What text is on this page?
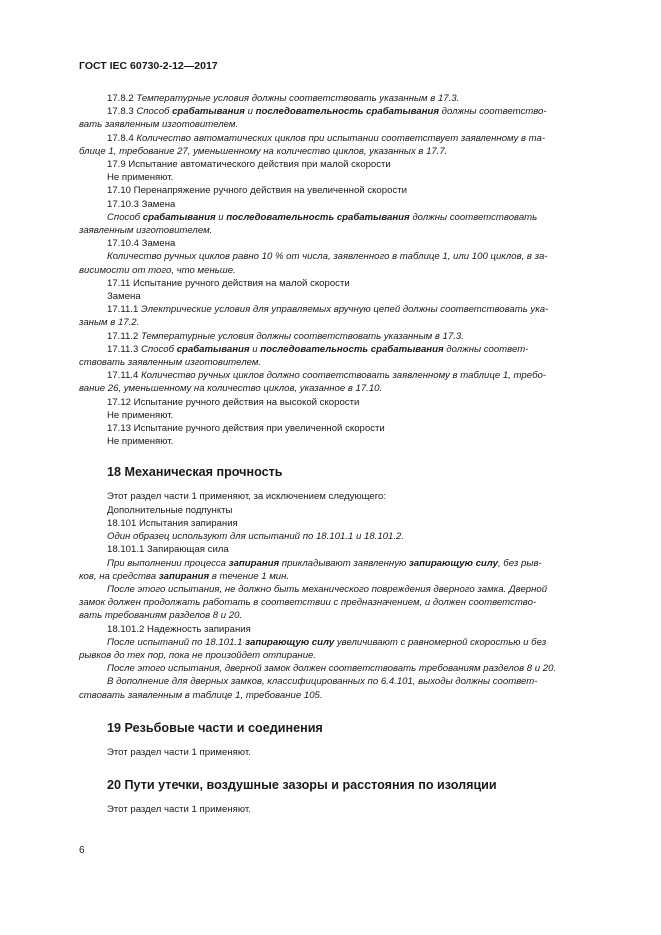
ГОСТ IEC 60730-2-12—2017

17.8.2 Температурные условия должны соответствовать указанным в 17.3.

17.8.3 Способ срабатывания и последовательность срабатывания должны соответство-

вать заявленным изготовителем.

17.8.4 Количество автоматических циклов при испытании соответствует заявленному в та-

блице 1, требование 27, уменьшенному на количество циклов, указанных в 17.7.

17.9 Испытание автоматического действия при малой скорости

Не применяют.

17.10 Перенапряжение ручного действия на увеличенной скорости

17.10.3 Замена

Способ срабатывания и последовательность срабатывания должны соответствовать

заявленным изготовителем.

17.10.4 Замена

Количество ручных циклов равно 10 % от числа, заявленного в таблице 1, или 100 циклов, в за-

висимости от того, что меньше.

17.11 Испытание ручного действия на малой скорости

Замена

17.11.1 Электрические условия для управляемых вручную цепей должны соответствовать ука-

заным в 17.2.

17.11.2 Температурные условия должны соответствовать указанным в 17.3.

17.11.3 Способ срабатывания и последовательность срабатывания должны соответ-

ствовать заявленным изготовителем.

17.11.4 Количество ручных циклов должно соответствовать заявленному в таблице 1, требо-

вание 26, уменьшенному на количество циклов, указанное в 17.10.

17.12 Испытание ручного действия на высокой скорости

Не применяют.

17.13 Испытание ручного действия при увеличенной скорости

Не применяют.

18 Механическая прочность

Этот раздел части 1 применяют, за исключением следующего:

Дополнительные подпункты

18.101 Испытания запирания

Один образец используют для испытаний по 18.101.1 и 18.101.2.

18.101.1 Запирающая сила

При выполнении процесса запирания прикладывают заявленную запирающую силу, без рыв-

ков, на средства запирания в течение 1 мин.

После этого испытания, не должно быть механического повреждения дверного замка. Дверной

замок должен продолжать работать в соответствии с предназначением, и должен соответство-

вать требованиям разделов 8 и 20.

18.101.2 Надежность запирания

После испытаний по 18.101.1 запирающую силу увеличивают с равномерной скоростью и без

рывков до тех пор, пока не произойдет отпирание.

После этого испытания, дверной замок должен соответствовать требованиям разделов 8 и 20.

В дополнение для дверных замков, классифицированных по 6.4.101, выходы должны соответ-

ствовать заявленным в таблице 1, требование 105.

19 Резьбовые части и соединения

Этот раздел части 1 применяют.

20 Пути утечки, воздушные зазоры и расстояния по изоляции

Этот раздел части 1 применяют.

6
